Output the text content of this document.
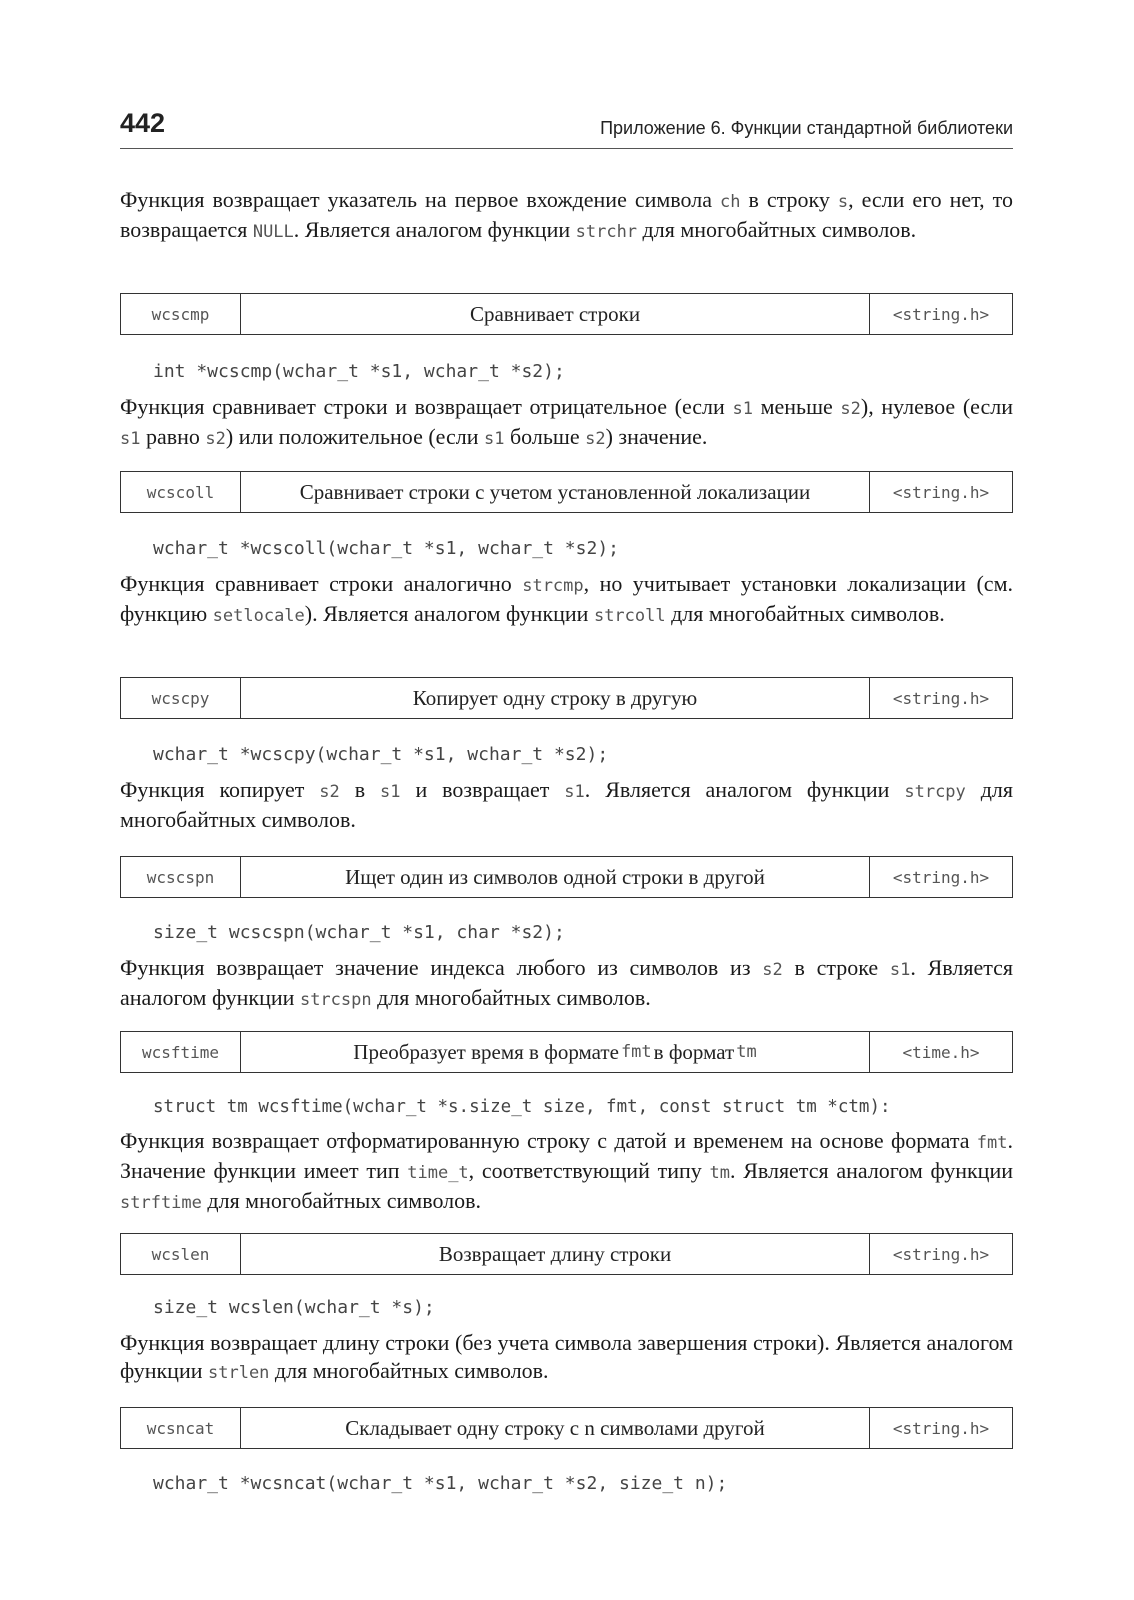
442	Приложение 6. Функции стандартной библиотеки

Функция возвращает указатель на первое вхождение символа ch в строку s, если его нет, то возвращается NULL. Является аналогом функции strchr для многобайтных символов.

wcscmp	Сравнивает строки	<string.h>
int *wcscmp(wchar_t *s1, wchar_t *s2);

Функция сравнивает строки и возвращает отрицательное (если s1 меньше s2), нулевое (если s1 равно s2) или положительное (если s1 больше s2) значение.

wcscoll	Сравнивает строки с учетом установленной локализации	<string.h>
wchar_t *wcscoll(wchar_t *s1, wchar_t *s2);

Функция сравнивает строки аналогично strcmp, но учитывает установки локализации (см. функцию setlocale). Является аналогом функции strcoll для многобайтных символов.

wcscpy	Копирует одну строку в другую	<string.h>
wchar_t *wcscpy(wchar_t *s1, wchar_t *s2);

Функция копирует s2 в s1 и возвращает s1. Является аналогом функции strcpy для многобайтных символов.

wcscspn	Ищет один из символов одной строки в другой	<string.h>
size_t wcscspn(wchar_t *s1, char *s2);

Функция возвращает значение индекса любого из символов из s2 в строке s1. Является аналогом функции strcspn для многобайтных символов.

wcsftime	Преобразует время в формате fmt в формат tm	<time.h>
struct tm wcsftime(wchar_t *s.size_t size, fmt, const struct tm *ctm):

Функция возвращает отформатированную строку с датой и временем на основе формата fmt. Значение функции имеет тип time_t, соответствующий типу tm. Является аналогом функции strftime для многобайтных символов.

wcslen	Возвращает длину строки	<string.h>
size_t wcslen(wchar_t *s);

Функция возвращает длину строки (без учета символа завершения строки). Является аналогом функции strlen для многобайтных символов.

wcsncat	Складывает одну строку с n символами другой	<string.h>
wchar_t *wcsncat(wchar_t *s1, wchar_t *s2, size_t n);
